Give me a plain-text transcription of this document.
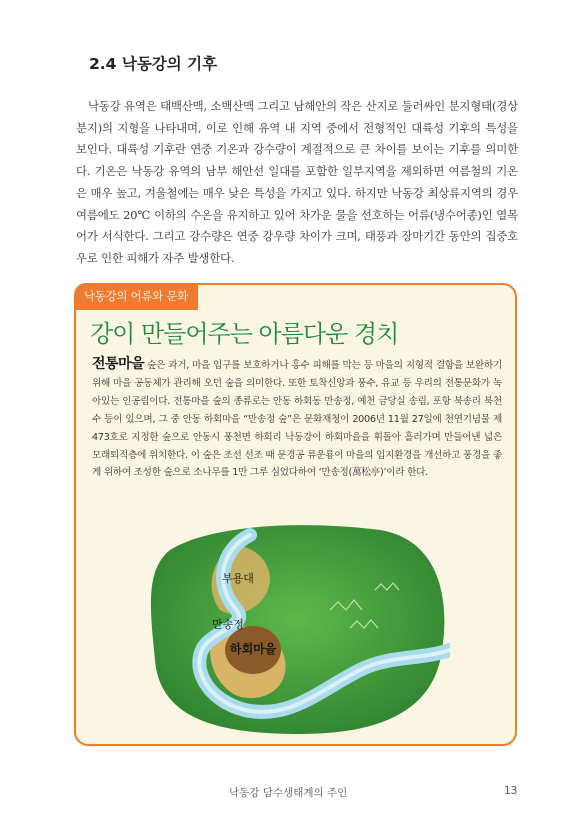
2.4 낙동강의 기후
낙동강 유역은 태백산맥, 소백산맥 그리고 남해안의 작은 산지로 둘러싸인 분지형태(경상분지)의 지형을 나타내며, 이로 인해 유역 내 지역 중에서 전형적인 대륙성 기후의 특성을 보인다. 대륙성 기후란 연중 기온과 강수량이 계절적으로 큰 차이를 보이는 기후를 의미한다. 기온은 낙동강 유역의 남부 해안선 일대를 포함한 일부지역을 제외하면 여름철의 기온은 매우 높고, 겨울철에는 매우 낮은 특성을 가지고 있다. 하지만 낙동강 최상류지역의 경우 여름에도 20℃ 이하의 수온을 유지하고 있어 차가운 물을 선호하는 어류(냉수어종)인 열목어가 서식한다. 그리고 강수량은 연중 강우량 차이가 크며, 태풍과 장마기간 동안의 집중호우로 인한 피해가 자주 발생한다.
낙동강의 어류와 문화
강이 만들어주는 아름다운 경치
전통마을 숲은 과거, 마을 입구를 보호하거나 홍수 피해를 막는 등 마을의 지형적 결함을 보완하기 위해 마을 공동체가 관리해 오던 숲을 의미한다. 또한 토착신앙과 풍수, 유교 등 우리의 전통문화가 녹아있는 인공림이다. 전통마을 숲의 종류로는 안동 하회동 만송정, 예천 금당실 송림, 포항 북송리 북천수 등이 있으며, 그 중 안동 하회마을 “만송정 숲”은 문화재청이 2006년 11월 27일에 천연기념물 제 473호로 지정한 숲으로 안동시 풍천면 하회리 낙동강이 하회마을을 휘돌아 흘러가며 만들어낸 넓은 모래퇴적층에 위치한다. 이 숲은 조선 선조 때 문경공 류운룡이 마을의 입지환경을 개선하고 풍경을 좋게 위하여 조성한 숲으로 소나무를 1만 그루 심었다하여 ‘만송정(萬松亭)’이라 한다.
부용대
만송정
하회마을
낙동강 담수생태계의 주인	13
